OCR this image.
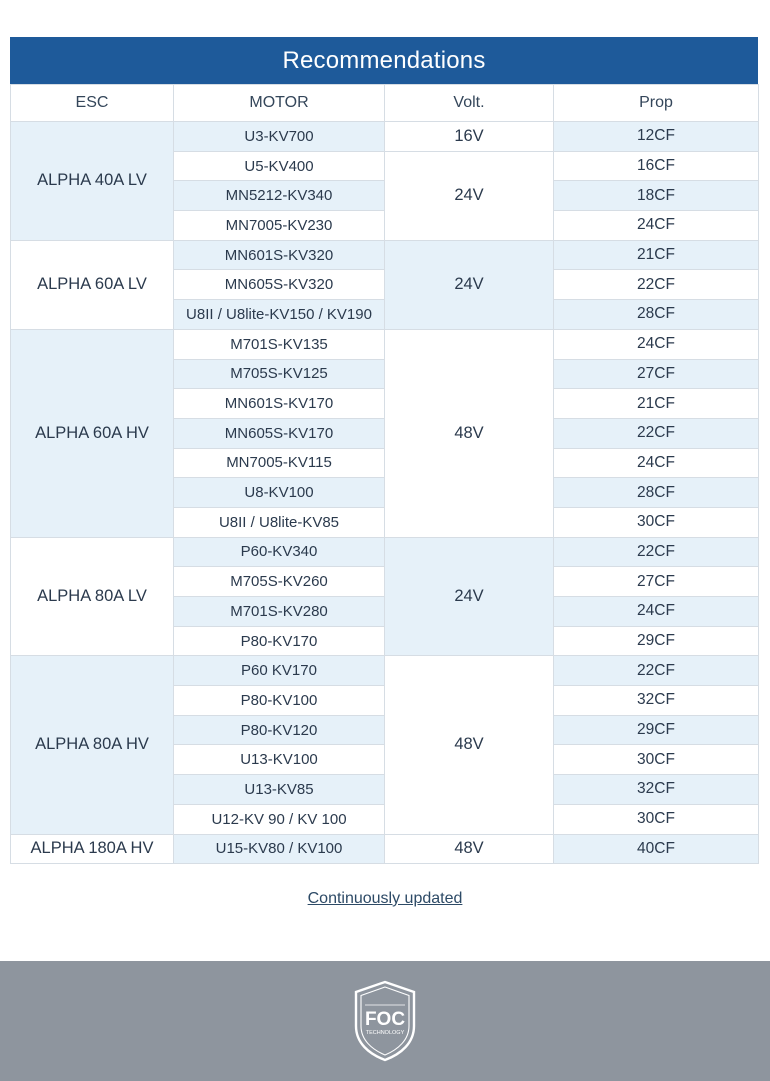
Recommendations
ESC	MOTOR	Volt.	Prop
ALPHA 40A LV	U3-KV700	16V	12CF
	U5-KV400	24V	16CF
	MN5212-KV340		18CF
	MN7005-KV230		24CF
ALPHA 60A LV	MN601S-KV320	24V	21CF
	MN605S-KV320		22CF
	U8II / U8lite-KV150 / KV190		28CF
ALPHA 60A HV	M701S-KV135	48V	24CF
	M705S-KV125		27CF
	MN601S-KV170		21CF
	MN605S-KV170		22CF
	MN7005-KV115		24CF
	U8-KV100		28CF
	U8II / U8lite-KV85		30CF
ALPHA 80A LV	P60-KV340	24V	22CF
	M705S-KV260		27CF
	M701S-KV280		24CF
	P80-KV170		29CF
ALPHA 80A HV	P60 KV170	48V	22CF
	P80-KV100		32CF
	P80-KV120		29CF
	U13-KV100		30CF
	U13-KV85		32CF
	U12-KV 90 / KV 100		30CF
ALPHA 180A HV	U15-KV80 / KV100	48V	40CF
Continuously updated
FOC
TECHNOLOGY
